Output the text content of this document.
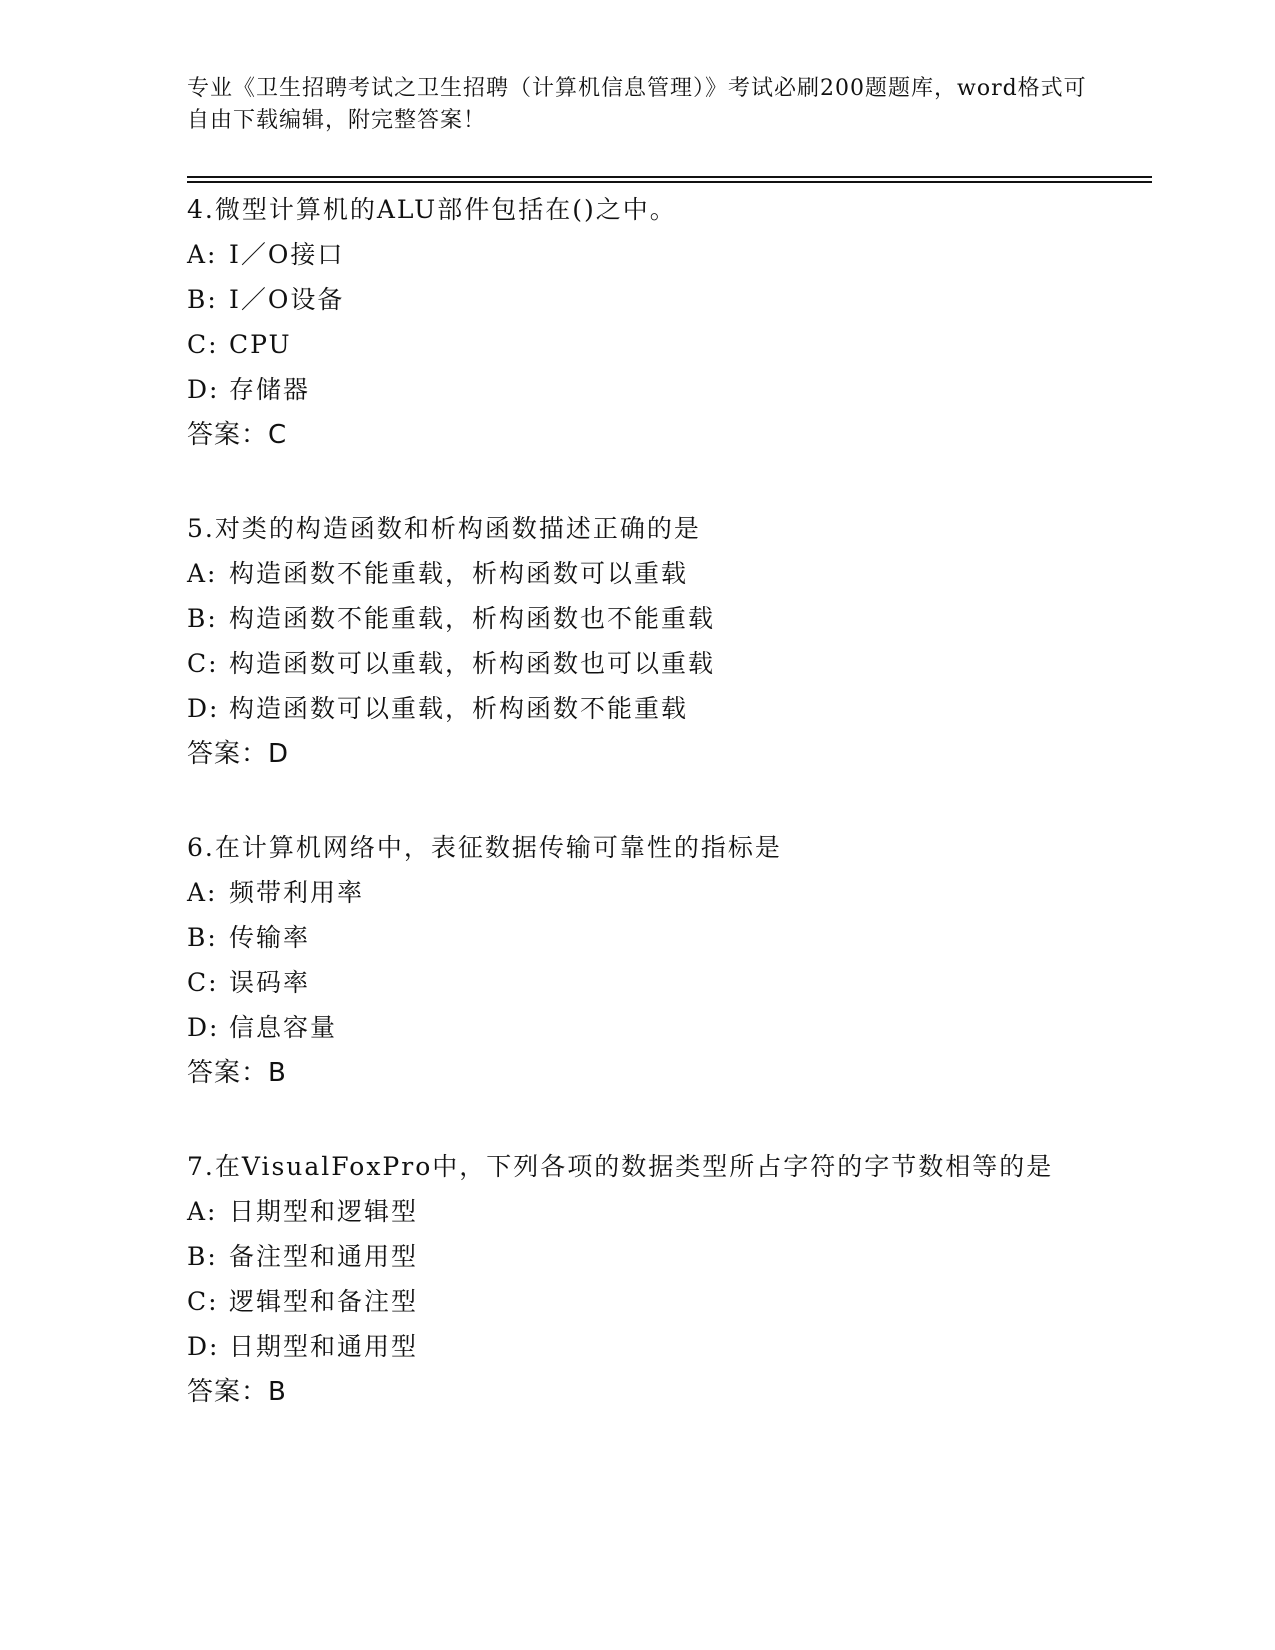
专业《卫生招聘考试之卫生招聘（计算机信息管理）》考试必刷200题题库，word格式可自由下载编辑，附完整答案！
4.微型计算机的ALU部件包括在()之中。
A: I／O接口
B: I／O设备
C: CPU
D: 存储器
答案：C
5.对类的构造函数和析构函数描述正确的是
A: 构造函数不能重载，析构函数可以重载
B: 构造函数不能重载，析构函数也不能重载
C: 构造函数可以重载，析构函数也可以重载
D: 构造函数可以重载，析构函数不能重载
答案：D
6.在计算机网络中，表征数据传输可靠性的指标是
A: 频带利用率
B: 传输率
C: 误码率
D: 信息容量
答案：B
7.在VisualFoxPro中，下列各项的数据类型所占字符的字节数相等的是
A: 日期型和逻辑型
B: 备注型和通用型
C: 逻辑型和备注型
D: 日期型和通用型
答案：B
